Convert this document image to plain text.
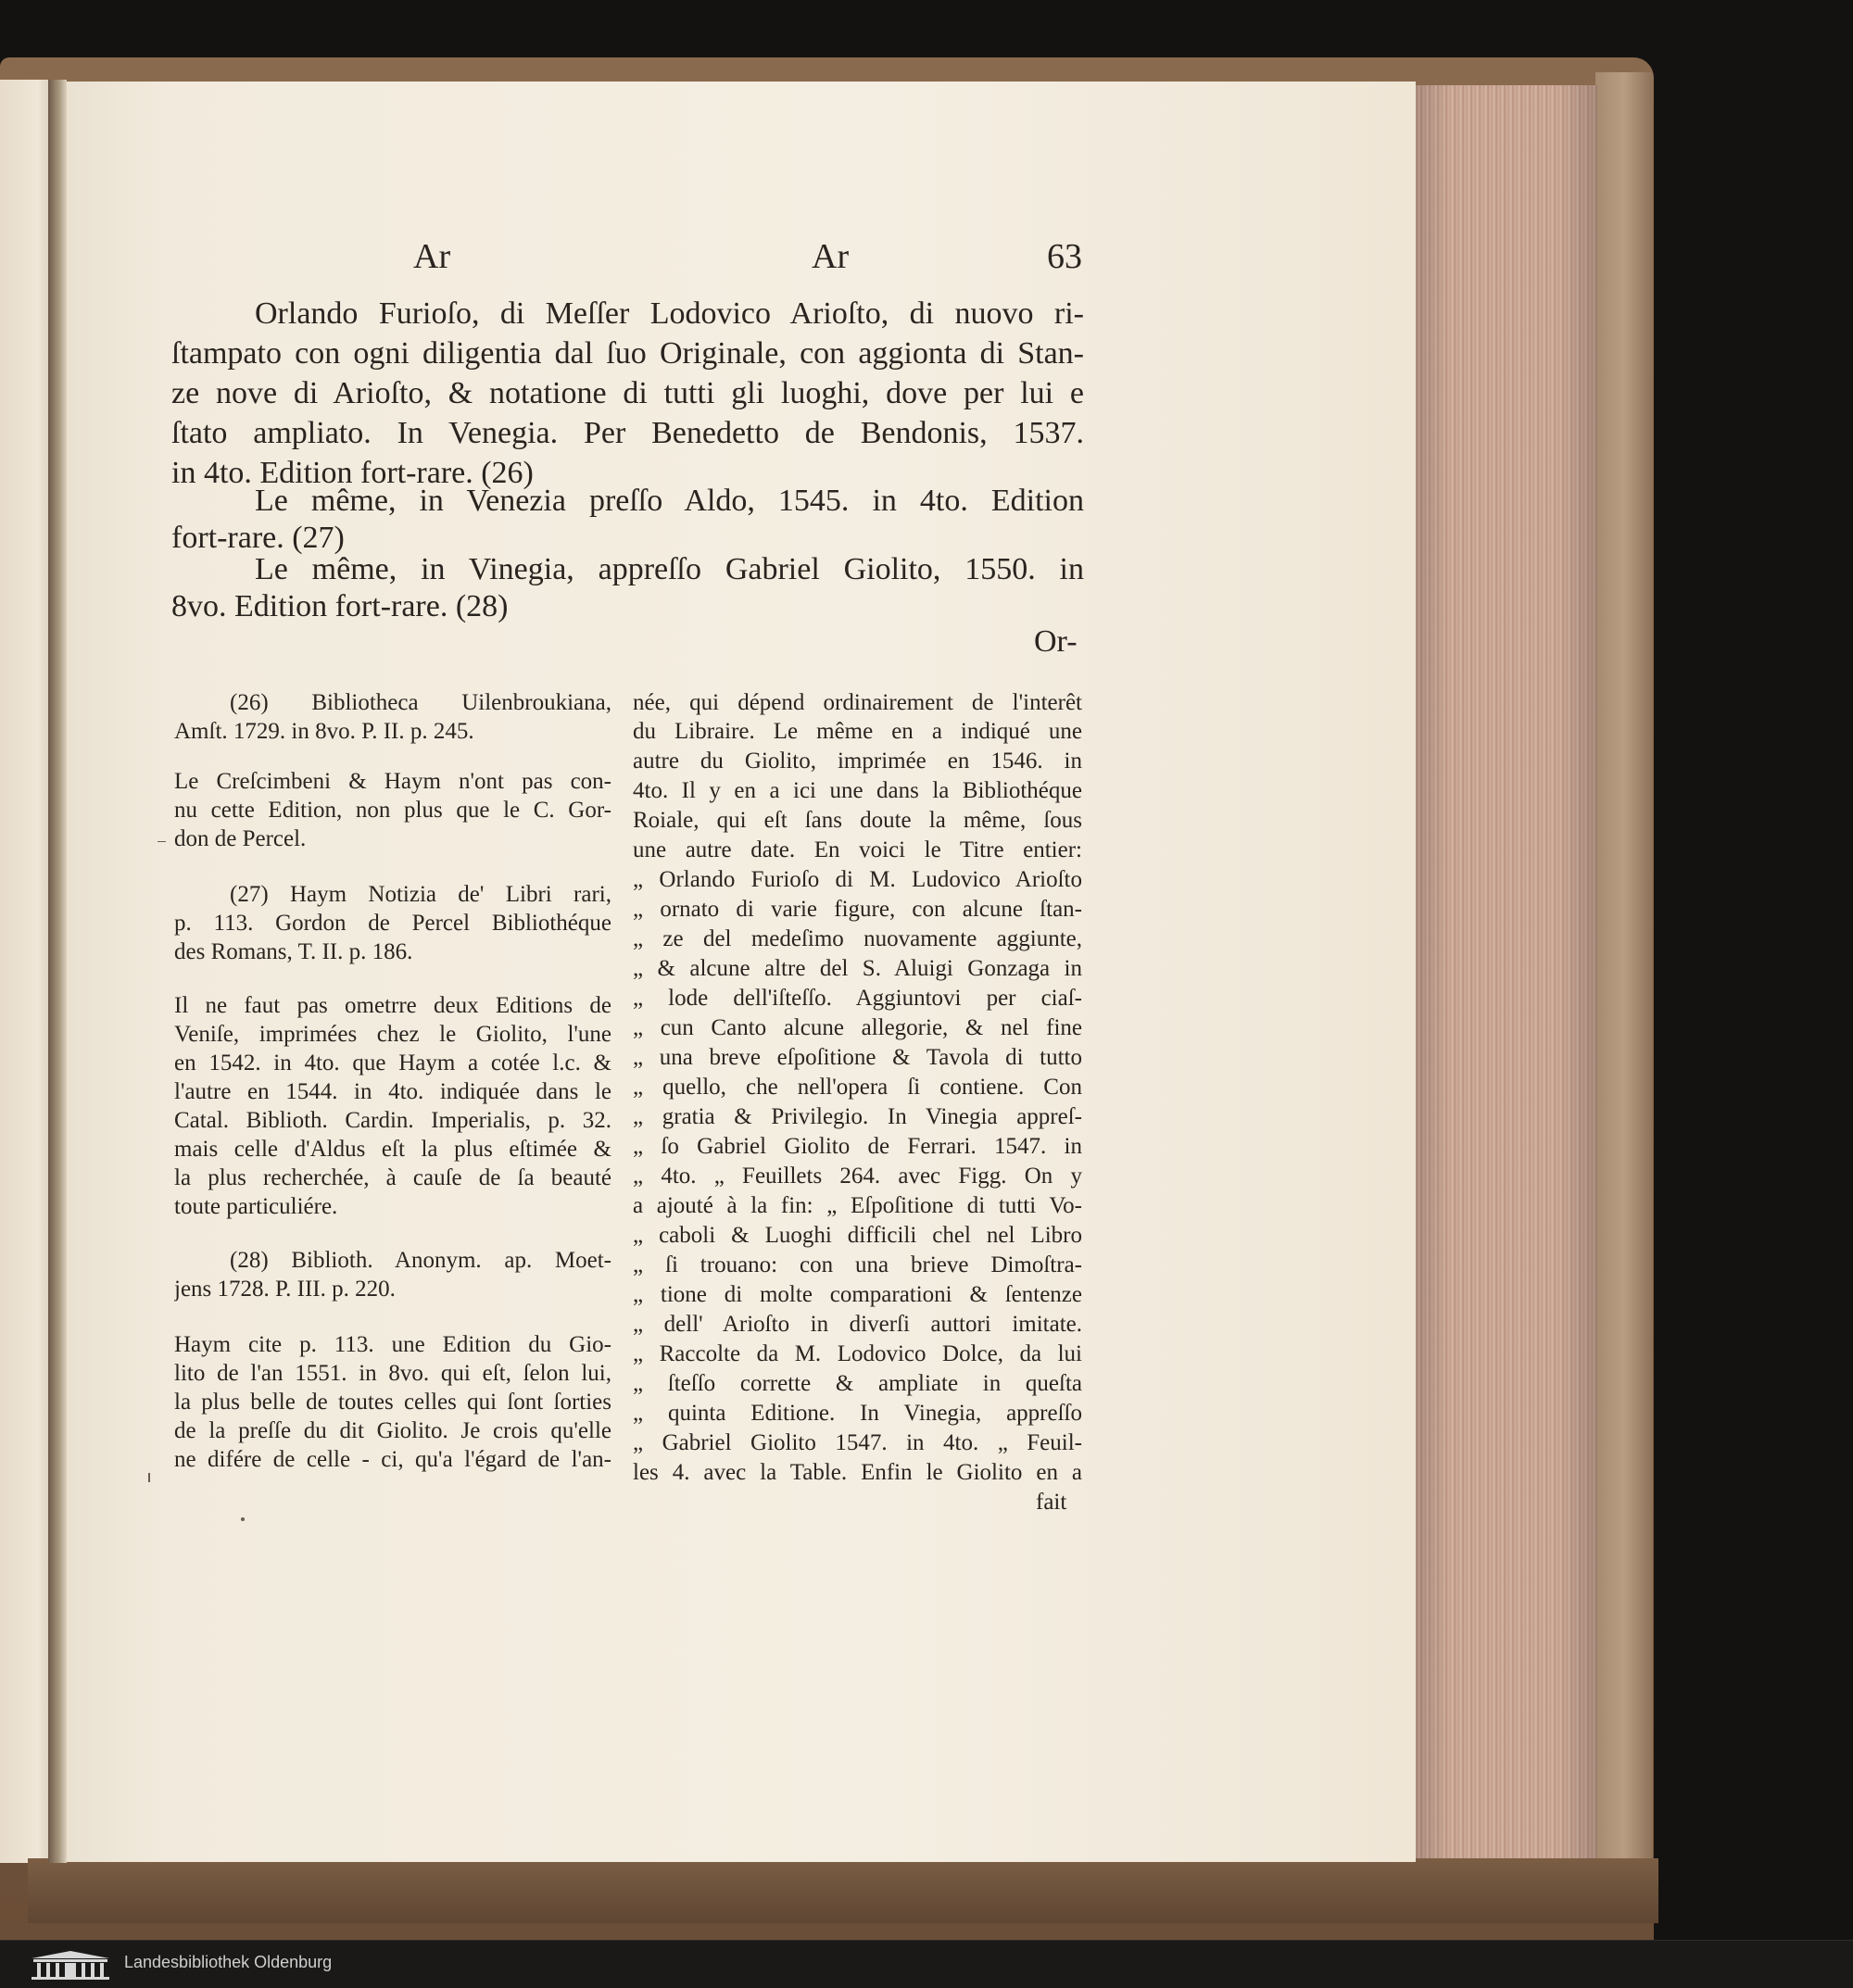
Ar	Ar	63
Orlando Furioſo, di Meſſer Lodovico Arioſto, di nuovo ri-
ſtampato con ogni diligentia dal ſuo Originale, con aggionta di Stan-
ze nove di Arioſto, & notatione di tutti gli luoghi, dove per lui e
ſtato ampliato. In Venegia. Per Benedetto de Bendonis, 1537.
in 4to. Edition fort-rare. (26)
Le même, in Venezia preſſo Aldo, 1545. in 4to. Edition
fort-rare. (27)
Le même, in Vinegia, appreſſo Gabriel Giolito, 1550. in
8vo. Edition fort-rare. (28)
Or-
(26) Bibliotheca Uilenbroukiana,
Amſt. 1729. in 8vo. P. II. p. 245.
Le Creſcimbeni & Haym n'ont pas con-
nu cette Edition, non plus que le C. Gor-
don de Percel.
(27) Haym Notizia de' Libri rari,
p. 113. Gordon de Percel Bibliothéque
des Romans, T. II. p. 186.
Il ne faut pas ometrre deux Editions de
Veniſe, imprimées chez le Giolito, l'une
en 1542. in 4to. que Haym a cotée l.c. &
l'autre en 1544. in 4to. indiquée dans le
Catal. Biblioth. Cardin. Imperialis, p. 32.
mais celle d'Aldus eſt la plus eſtimée &
la plus recherchée, à cauſe de ſa beauté
toute particuliére.
(28) Biblioth. Anonym. ap. Moet-
jens 1728. P. III. p. 220.
Haym cite p. 113. une Edition du Gio-
lito de l'an 1551. in 8vo. qui eſt, ſelon lui,
la plus belle de toutes celles qui ſont ſorties
de la preſſe du dit Giolito. Je crois qu'elle
ne difére de celle - ci, qu'a l'égard de l'an-
née, qui dépend ordinairement de l'interêt
du Libraire. Le même en a indiqué une
autre du Giolito, imprimée en 1546. in
4to. Il y en a ici une dans la Bibliothéque
Roiale, qui eſt ſans doute la même, ſous
une autre date. En voici le Titre entier:
„ Orlando Furioſo di M. Ludovico Arioſto
„ ornato di varie figure, con alcune ſtan-
„ ze del medeſimo nuovamente aggiunte,
„ & alcune altre del S. Aluigi Gonzaga in
„ lode dell'iſteſſo. Aggiuntovi per ciaſ-
„ cun Canto alcune allegorie, & nel fine
„ una breve eſpoſitione & Tavola di tutto
„ quello, che nell'opera ſi contiene. Con
„ gratia & Privilegio. In Vinegia appreſ-
„ ſo Gabriel Giolito de Ferrari. 1547. in
„ 4to. „ Feuillets 264. avec Figg. On y
a ajouté à la fin: „ Eſpoſitione di tutti Vo-
„ caboli & Luoghi difficili chel nel Libro
„ ſi trouano: con una brieve Dimoſtra-
„ tione di molte comparationi & ſentenze
„ dell' Arioſto in diverſi auttori imitate.
„ Raccolte da M. Lodovico Dolce, da lui
„ ſteſſo corrette & ampliate in queſta
„ quinta Editione. In Vinegia, appreſſo
„ Gabriel Giolito 1547. in 4to. „ Feuil-
les 4. avec la Table. Enfin le Giolito en a
fait
Landesbibliothek Oldenburg
